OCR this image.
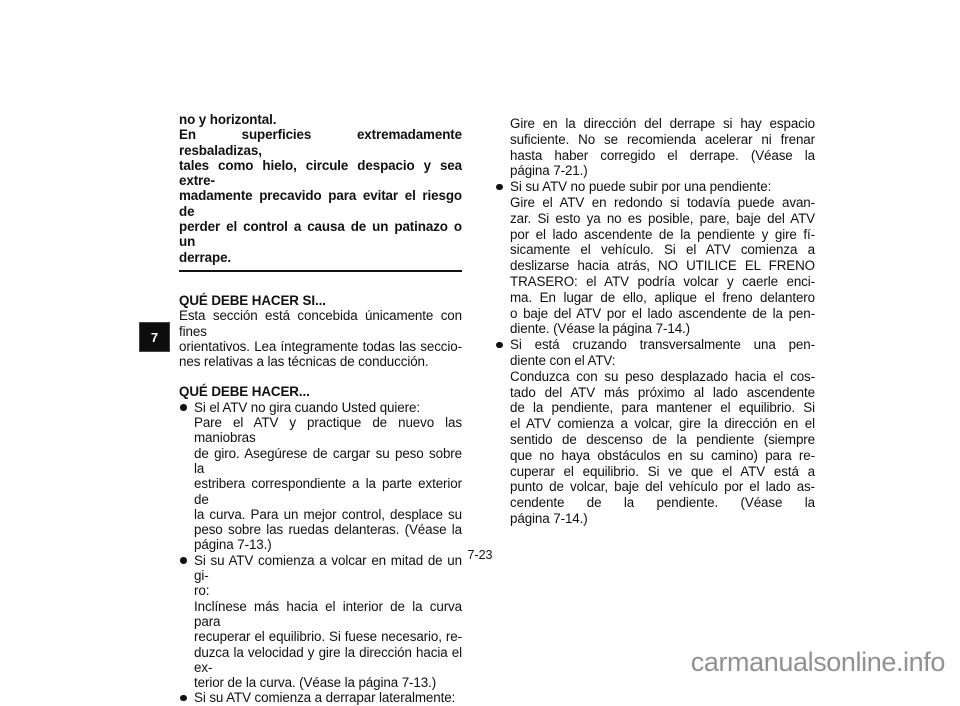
7
no y horizontal.
En superficies extremadamente resbaladizas,
tales como hielo, circule despacio y sea extre-
madamente precavido para evitar el riesgo de
perder el control a causa de un patinazo o un
derrape.
QUÉ DEBE HACER SI...
Esta sección está concebida únicamente con fines
orientativos. Lea íntegramente todas las seccio-
nes relativas a las técnicas de conducción.
QUÉ DEBE HACER...
Si el ATV no gira cuando Usted quiere:
Pare el ATV y practique de nuevo las maniobras
de giro. Asegúrese de cargar su peso sobre la
estribera correspondiente a la parte exterior de
la curva. Para un mejor control, desplace su
peso sobre las ruedas delanteras. (Véase la
página 7-13.)
Si su ATV comienza a volcar en mitad de un gi-
ro:
Inclínese más hacia el interior de la curva para
recuperar el equilibrio. Si fuese necesario, re-
duzca la velocidad y gire la dirección hacia el ex-
terior de la curva. (Véase la página 7-13.)
Si su ATV comienza a derrapar lateralmente:
Gire en la dirección del derrape si hay espacio
suficiente. No se recomienda acelerar ni frenar
hasta haber corregido el derrape. (Véase la
página 7-21.)
Si su ATV no puede subir por una pendiente:
Gire el ATV en redondo si todavía puede avan-
zar. Si esto ya no es posible, pare, baje del ATV
por el lado ascendente de la pendiente y gire fí-
sicamente el vehículo. Si el ATV comienza a
deslizarse hacia atrás, NO UTILICE EL FRENO
TRASERO: el ATV podría volcar y caerle enci-
ma. En lugar de ello, aplique el freno delantero
o baje del ATV por el lado ascendente de la pen-
diente. (Véase la página 7-14.)
Si está cruzando transversalmente una pen-
diente con el ATV:
Conduzca con su peso desplazado hacia el cos-
tado del ATV más próximo al lado ascendente
de la pendiente, para mantener el equilibrio. Si
el ATV comienza a volcar, gire la dirección en el
sentido de descenso de la pendiente (siempre
que no haya obstáculos en su camino) para re-
cuperar el equilibrio. Si ve que el ATV está a
punto de volcar, baje del vehículo por el lado as-
cendente de la pendiente. (Véase la
página 7-14.)
7-23
carmanualsonline.info
